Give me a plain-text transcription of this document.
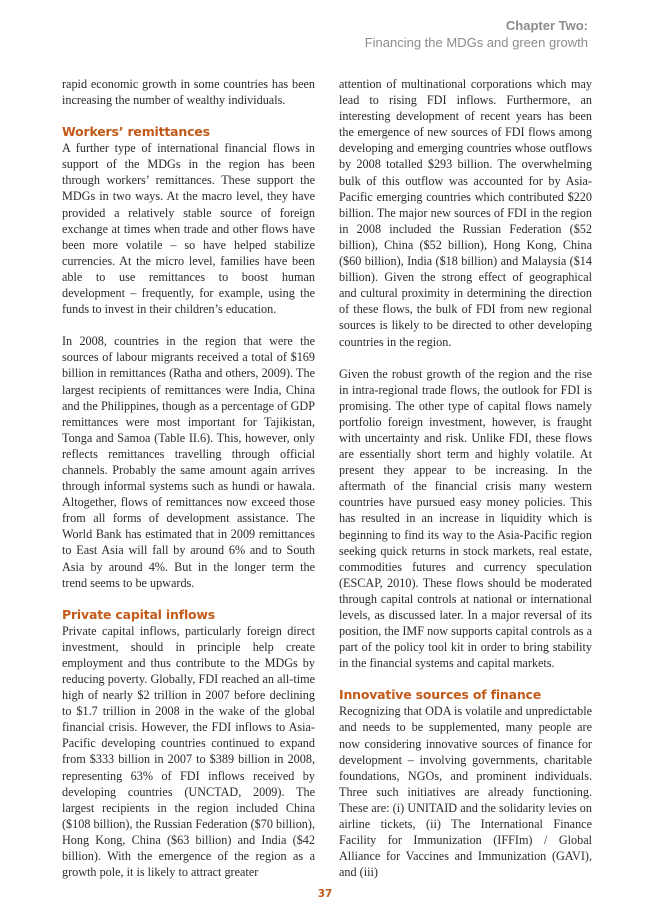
Chapter Two:
Financing the MDGs and green growth

rapid economic growth in some countries has been increasing the number of wealthy individuals.

Workers’ remittances

A further type of international financial flows in support of the MDGs in the region has been through workers’ remittances. These support the MDGs in two ways. At the macro level, they have provided a relatively stable source of foreign exchange at times when trade and other flows have been more volatile – so have helped stabilize currencies. At the micro level, families have been able to use remittances to boost human development – frequently, for example, using the funds to invest in their children’s education.

In 2008, countries in the region that were the sources of labour migrants received a total of $169 billion in remittances (Ratha and others, 2009). The largest recipients of remittances were India, China and the Philippines, though as a percentage of GDP remittances were most important for Tajikistan, Tonga and Samoa (Table II.6). This, however, only reflects remittances travelling through official channels. Probably the same amount again arrives through informal systems such as hundi or hawala. Altogether, flows of remittances now exceed those from all forms of development assistance. The World Bank has estimated that in 2009 remittances to East Asia will fall by around 6% and to South Asia by around 4%. But in the longer term the trend seems to be upwards.

Private capital inflows

Private capital inflows, particularly foreign direct investment, should in principle help create employment and thus contribute to the MDGs by reducing poverty. Globally, FDI reached an all-time high of nearly $2 trillion in 2007 before declining to $1.7 trillion in 2008 in the wake of the global financial crisis. However, the FDI inflows to Asia-Pacific developing countries continued to expand from $333 billion in 2007 to $389 billion in 2008, representing 63% of FDI inflows received by developing countries (UNCTAD, 2009). The largest recipients in the region included China ($108 billion), the Russian Federation ($70 billion), Hong Kong, China ($63 billion) and India ($42 billion). With the emergence of the region as a growth pole, it is likely to attract greater

attention of multinational corporations which may lead to rising FDI inflows. Furthermore, an interesting development of recent years has been the emergence of new sources of FDI flows among developing and emerging countries whose outflows by 2008 totalled $293 billion. The overwhelming bulk of this outflow was accounted for by Asia-Pacific emerging countries which contributed $220 billion. The major new sources of FDI in the region in 2008 included the Russian Federation ($52 billion), China ($52 billion), Hong Kong, China ($60 billion), India ($18 billion) and Malaysia ($14 billion). Given the strong effect of geographical and cultural proximity in determining the direction of these flows, the bulk of FDI from new regional sources is likely to be directed to other developing countries in the region.

Given the robust growth of the region and the rise in intra-regional trade flows, the outlook for FDI is promising. The other type of capital flows namely portfolio foreign investment, however, is fraught with uncertainty and risk. Unlike FDI, these flows are essentially short term and highly volatile. At present they appear to be increasing. In the aftermath of the financial crisis many western countries have pursued easy money policies. This has resulted in an increase in liquidity which is beginning to find its way to the Asia-Pacific region seeking quick returns in stock markets, real estate, commodities futures and currency speculation (ESCAP, 2010). These flows should be moderated through capital controls at national or international levels, as discussed later. In a major reversal of its position, the IMF now supports capital controls as a part of the policy tool kit in order to bring stability in the financial systems and capital markets.

Innovative sources of finance

Recognizing that ODA is volatile and unpredictable and needs to be supplemented, many people are now considering innovative sources of finance for development – involving governments, charitable foundations, NGOs, and prominent individuals. Three such initiatives are already functioning. These are: (i) UNITAID and the solidarity levies on airline tickets, (ii) The International Finance Facility for Immunization (IFFIm) / Global Alliance for Vaccines and Immunization (GAVI), and (iii)

37
